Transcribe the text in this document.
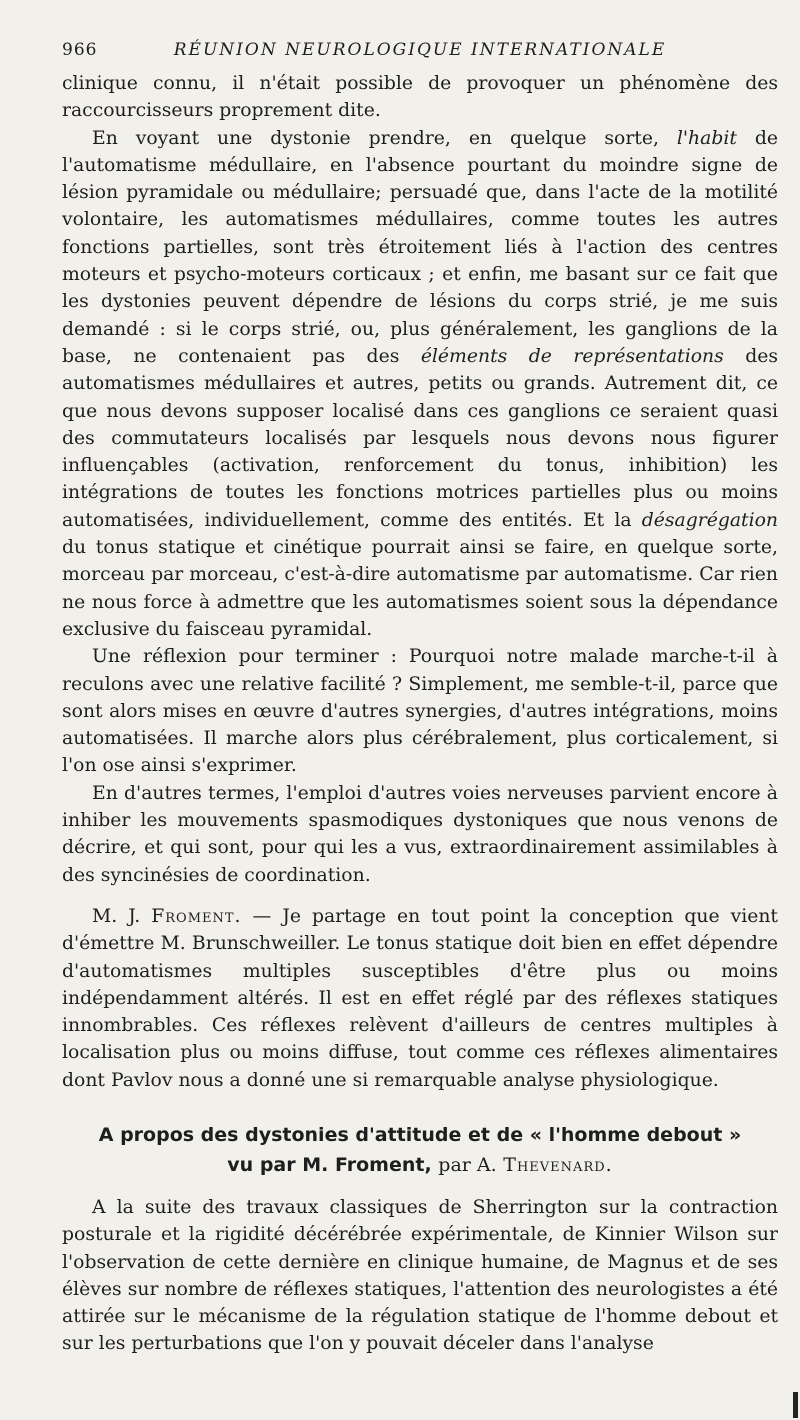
966	RÉUNION NEUROLOGIQUE INTERNATIONALE

clinique connu, il n'était possible de provoquer un phénomène des raccourcisseurs proprement dite.

En voyant une dystonie prendre, en quelque sorte, l'habit de l'automatisme médullaire, en l'absence pourtant du moindre signe de lésion pyramidale ou médullaire; persuadé que, dans l'acte de la motilité volontaire, les automatismes médullaires, comme toutes les autres fonctions partielles, sont très étroitement liés à l'action des centres moteurs et psycho-moteurs corticaux ; et enfin, me basant sur ce fait que les dystonies peuvent dépendre de lésions du corps strié, je me suis demandé : si le corps strié, ou, plus généralement, les ganglions de la base, ne contenaient pas des éléments de représentations des automatismes médullaires et autres, petits ou grands. Autrement dit, ce que nous devons supposer localisé dans ces ganglions ce seraient quasi des commutateurs localisés par lesquels nous devons nous figurer influençables (activation, renforcement du tonus, inhibition) les intégrations de toutes les fonctions motrices partielles plus ou moins automatisées, individuellement, comme des entités. Et la désagrégation du tonus statique et cinétique pourrait ainsi se faire, en quelque sorte, morceau par morceau, c'est-à-dire automatisme par automatisme. Car rien ne nous force à admettre que les automatismes soient sous la dépendance exclusive du faisceau pyramidal.

Une réflexion pour terminer : Pourquoi notre malade marche-t-il à reculons avec une relative facilité ? Simplement, me semble-t-il, parce que sont alors mises en œuvre d'autres synergies, d'autres intégrations, moins automatisées. Il marche alors plus cérébralement, plus corticalement, si l'on ose ainsi s'exprimer.

En d'autres termes, l'emploi d'autres voies nerveuses parvient encore à inhiber les mouvements spasmodiques dystoniques que nous venons de décrire, et qui sont, pour qui les a vus, extraordinairement assimilables à des syncinésies de coordination.

M. J. Froment. — Je partage en tout point la conception que vient d'émettre M. Brunschweiller. Le tonus statique doit bien en effet dépendre d'automatismes multiples susceptibles d'être plus ou moins indépendamment altérés. Il est en effet réglé par des réflexes statiques innombrables. Ces réflexes relèvent d'ailleurs de centres multiples à localisation plus ou moins diffuse, tout comme ces réflexes alimentaires dont Pavlov nous a donné une si remarquable analyse physiologique.

A propos des dystonies d'attitude et de « l'homme debout »
vu par M. Froment, par A. Thevenard.

A la suite des travaux classiques de Sherrington sur la contraction posturale et la rigidité décérébrée expérimentale, de Kinnier Wilson sur l'observation de cette dernière en clinique humaine, de Magnus et de ses élèves sur nombre de réflexes statiques, l'attention des neurologistes a été attirée sur le mécanisme de la régulation statique de l'homme debout et sur les perturbations que l'on y pouvait déceler dans l'analyse
